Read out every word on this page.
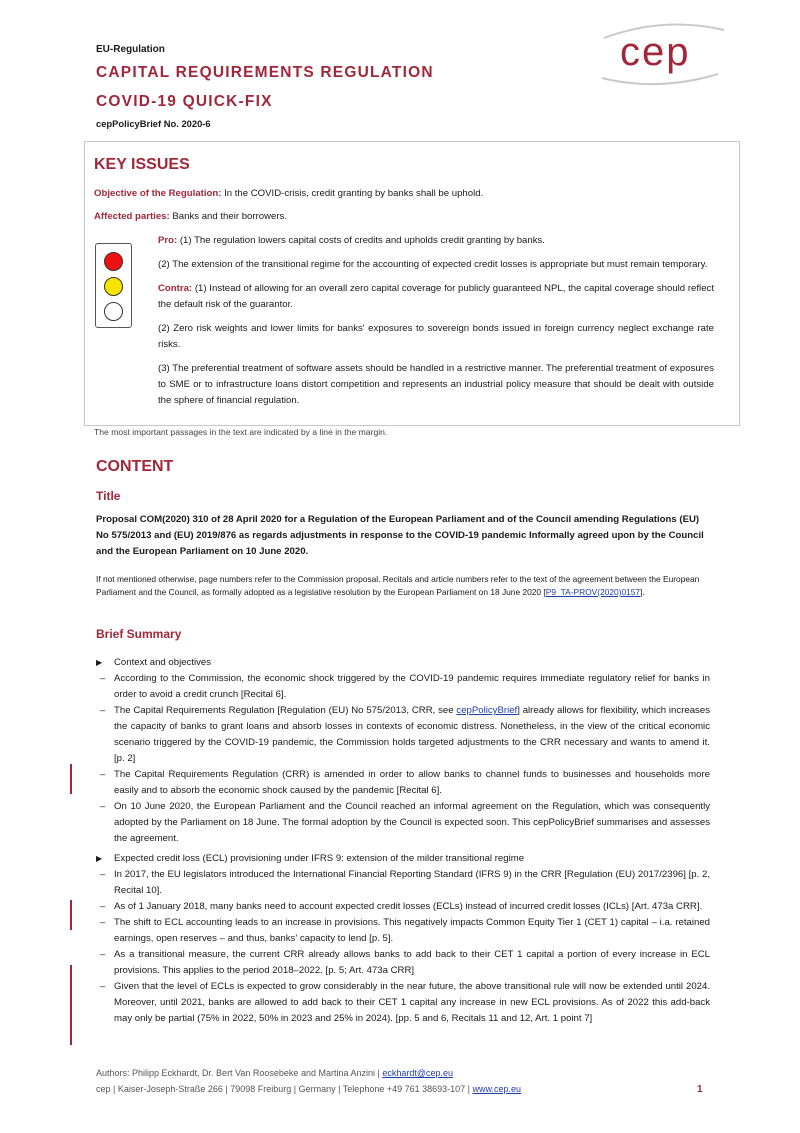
EU-Regulation
CAPITAL REQUIREMENTS REGULATION
COVID-19 QUICK-FIX
cepPolicyBrief No. 2020-6
cep
KEY ISSUES
Objective of the Regulation: In the COVID-crisis, credit granting by banks shall be uphold.
Affected parties: Banks and their borrowers.

Pro: (1) The regulation lowers capital costs of credits and upholds credit granting by banks.

(2) The extension of the transitional regime for the accounting of expected credit losses is appropriate but must remain temporary.

Contra: (1) Instead of allowing for an overall zero capital coverage for publicly guaranteed NPL, the capital coverage should reflect the default risk of the guarantor.

(2) Zero risk weights and lower limits for banks' exposures to sovereign bonds issued in foreign currency neglect exchange rate risks.

(3) The preferential treatment of software assets should be handled in a restrictive manner. The preferential treatment of exposures to SME or to infrastructure loans distort competition and represents an industrial policy measure that should be dealt with outside the sphere of financial regulation.

The most important passages in the text are indicated by a line in the margin.
CONTENT
Title

Proposal COM(2020) 310 of 28 April 2020 for a Regulation of the European Parliament and of the Council amending Regulations (EU) No 575/2013 and (EU) 2019/876 as regards adjustments in response to the COVID-19 pandemic Informally agreed upon by the Council and the European Parliament on 10 June 2020.

If not mentioned otherwise, page numbers refer to the Commission proposal. Recitals and article numbers refer to the text of the agreement between the European Parliament and the Council, as formally adopted as a legislative resolution by the European Parliament on 18 June 2020 [P9_TA-PROV(2020)0157].

Brief Summary
▶ Context and objectives
– According to the Commission, the economic shock triggered by the COVID-19 pandemic requires immediate regulatory relief for banks in order to avoid a credit crunch [Recital 6].
– The Capital Requirements Regulation [Regulation (EU) No 575/2013, CRR, see cepPolicyBrief] already allows for flexibility, which increases the capacity of banks to grant loans and absorb losses in contexts of economic distress. Nonetheless, in the view of the critical economic scenario triggered by the COVID-19 pandemic, the Commission holds targeted adjustments to the CRR necessary and wants to amend it. [p. 2]
– The Capital Requirements Regulation (CRR) is amended in order to allow banks to channel funds to businesses and households more easily and to absorb the economic shock caused by the pandemic [Recital 6].
– On 10 June 2020, the European Parliament and the Council reached an informal agreement on the Regulation, which was consequently adopted by the Parliament on 18 June. The formal adoption by the Council is expected soon. This cepPolicyBrief summarises and assesses the agreement.
▶ Expected credit loss (ECL) provisioning under IFRS 9: extension of the milder transitional regime
– In 2017, the EU legislators introduced the International Financial Reporting Standard (IFRS 9) in the CRR [Regulation (EU) 2017/2396] [p. 2, Recital 10].
– As of 1 January 2018, many banks need to account expected credit losses (ECLs) instead of incurred credit losses (ICLs) [Art. 473a CRR].
– The shift to ECL accounting leads to an increase in provisions. This negatively impacts Common Equity Tier 1 (CET 1) capital – i.a. retained earnings, open reserves – and thus, banks' capacity to lend [p. 5].
– As a transitional measure, the current CRR already allows banks to add back to their CET 1 capital a portion of every increase in ECL provisions. This applies to the period 2018–2022. [p. 5; Art. 473a CRR]
– Given that the level of ECLs is expected to grow considerably in the near future, the above transitional rule will now be extended until 2024. Moreover, until 2021, banks are allowed to add back to their CET 1 capital any increase in new ECL provisions. As of 2022 this add-back may only be partial (75% in 2022, 50% in 2023 and 25% in 2024). [pp. 5 and 6, Recitals 11 and 12, Art. 1 point 7]
Authors: Philipp Eckhardt, Dr. Bert Van Roosebeke and Martina Anzini | eckhardt@cep.eu
cep | Kaiser-Joseph-Straße 266 | 79098 Freiburg | Germany | Telephone +49 761 38693-107 | www.cep.eu	1
